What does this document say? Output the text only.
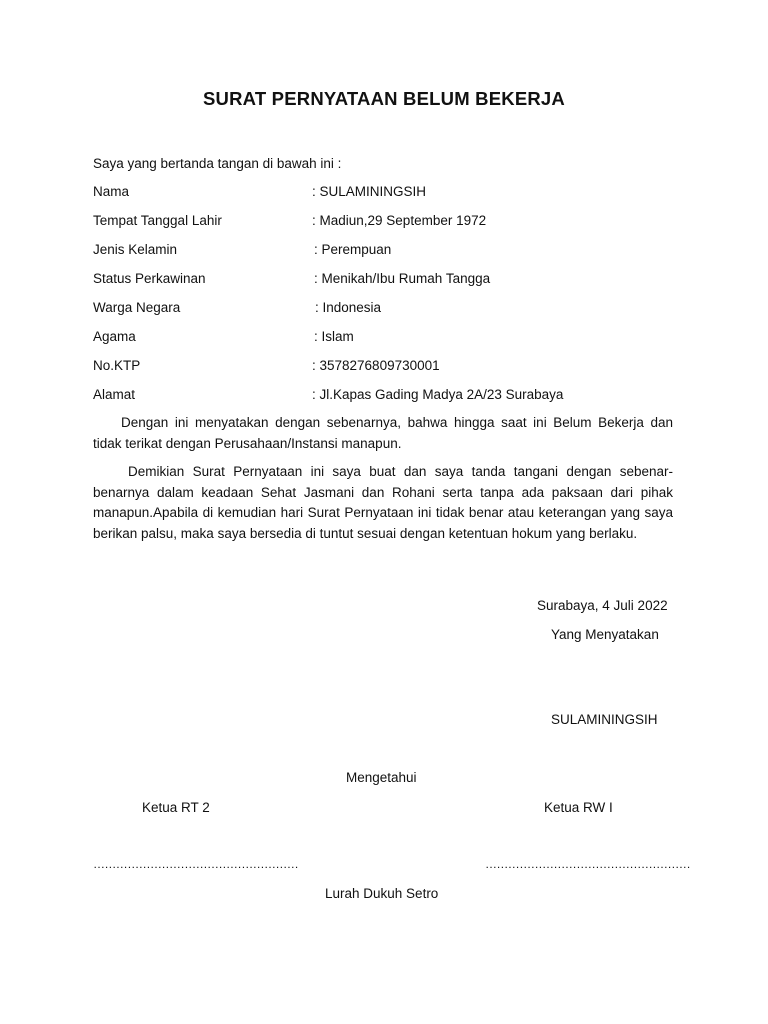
SURAT PERNYATAAN BELUM BEKERJA
Saya yang bertanda tangan di bawah ini :
Nama	: SULAMININGSIH
Tempat Tanggal Lahir	: Madiun,29 September 1972
Jenis Kelamin	: Perempuan
Status Perkawinan	: Menikah/Ibu Rumah Tangga
Warga Negara	: Indonesia
Agama	: Islam
No.KTP	: 3578276809730001
Alamat	: Jl.Kapas Gading Madya 2A/23 Surabaya

Dengan ini menyatakan dengan sebenarnya, bahwa hingga saat ini Belum Bekerja dan tidak terikat dengan Perusahaan/Instansi manapun.

Demikian Surat Pernyataan ini saya buat dan saya tanda tangani dengan sebenar-benarnya dalam keadaan Sehat Jasmani dan Rohani serta tanpa ada paksaan dari pihak manapun.Apabila di kemudian hari Surat Pernyataan ini tidak benar atau keterangan yang saya berikan palsu, maka saya bersedia di tuntut sesuai dengan ketentuan hokum yang berlaku.

Surabaya, 4 Juli 2022
Yang Menyatakan
SULAMININGSIH
Mengetahui
Ketua RT 2	Ketua RW I
………………………………………………	………………………………………………
Lurah Dukuh Setro
